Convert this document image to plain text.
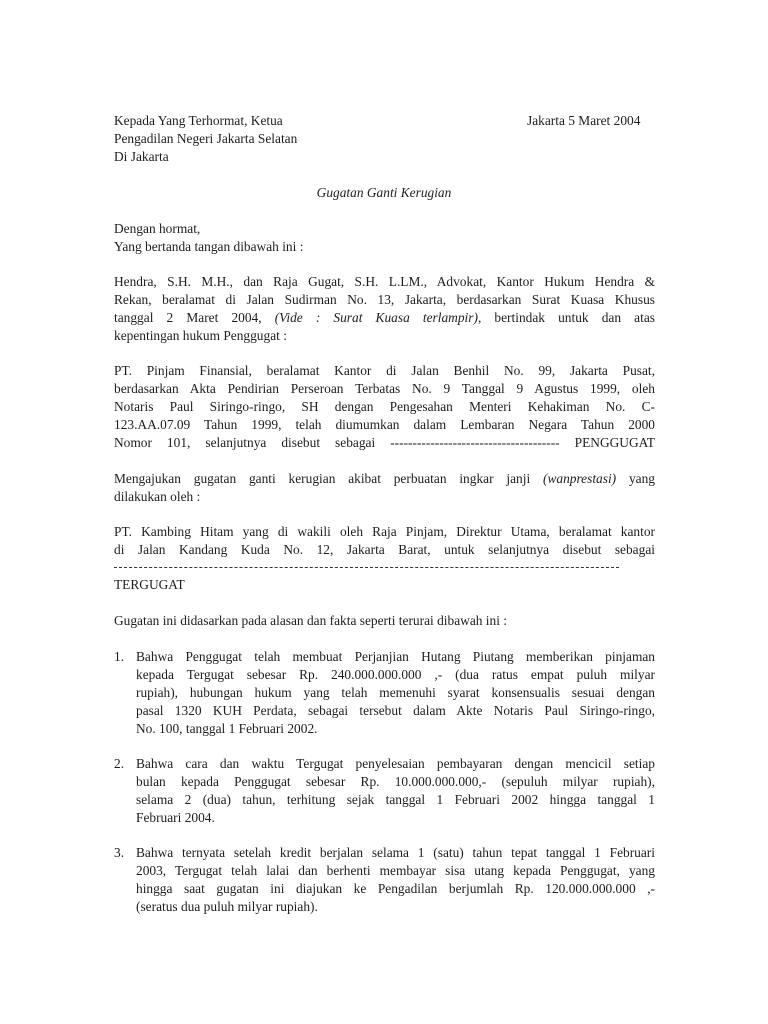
Kepada Yang Terhormat, Ketua
Pengadilan Negeri Jakarta Selatan
Di Jakarta
Jakarta 5 Maret 2004
Gugatan Ganti Kerugian
Dengan hormat,
Yang bertanda tangan dibawah ini :
Hendra, S.H. M.H., dan Raja Gugat, S.H. L.LM., Advokat, Kantor Hukum Hendra &
Rekan, beralamat di Jalan Sudirman No. 13, Jakarta, berdasarkan Surat Kuasa Khusus
tanggal 2 Maret 2004, (Vide : Surat Kuasa terlampir), bertindak untuk dan atas
kepentingan hukum Penggugat :
PT. Pinjam Finansial, beralamat Kantor di Jalan Benhil No. 99, Jakarta Pusat,
berdasarkan Akta Pendirian Perseroan Terbatas No. 9 Tanggal 9 Agustus 1999, oleh
Notaris Paul Siringo-ringo, SH dengan Pengesahan Menteri Kehakiman No. C-
123.AA.07.09 Tahun 1999, telah diumumkan dalam Lembaran Negara Tahun 2000
Nomor 101, selanjutnya disebut sebagai -------------------------------------- PENGGUGAT
Mengajukan gugatan ganti kerugian akibat perbuatan ingkar janji (wanprestasi) yang
dilakukan oleh :
PT. Kambing Hitam yang di wakili oleh Raja Pinjam, Direktur Utama, beralamat kantor
di Jalan Kandang Kuda No. 12, Jakarta Barat, untuk selanjutnya disebut sebagai
TERGUGAT
Gugatan ini didasarkan pada alasan dan fakta seperti terurai dibawah ini :
1. Bahwa Penggugat telah membuat Perjanjian Hutang Piutang memberikan pinjaman
kepada Tergugat sebesar Rp. 240.000.000.000 ,- (dua ratus empat puluh milyar
rupiah), hubungan hukum yang telah memenuhi syarat konsensualis sesuai dengan
pasal 1320 KUH Perdata, sebagai tersebut dalam Akte Notaris Paul Siringo-ringo,
No. 100, tanggal 1 Februari 2002.
2. Bahwa cara dan waktu Tergugat penyelesaian pembayaran dengan mencicil setiap
bulan kepada Penggugat sebesar Rp. 10.000.000.000,- (sepuluh milyar rupiah),
selama 2 (dua) tahun, terhitung sejak tanggal 1 Februari 2002 hingga tanggal 1
Februari 2004.
3. Bahwa ternyata setelah kredit berjalan selama 1 (satu) tahun tepat tanggal 1 Februari
2003, Tergugat telah lalai dan berhenti membayar sisa utang kepada Penggugat, yang
hingga saat gugatan ini diajukan ke Pengadilan berjumlah Rp. 120.000.000.000 ,-
(seratus dua puluh milyar rupiah).
